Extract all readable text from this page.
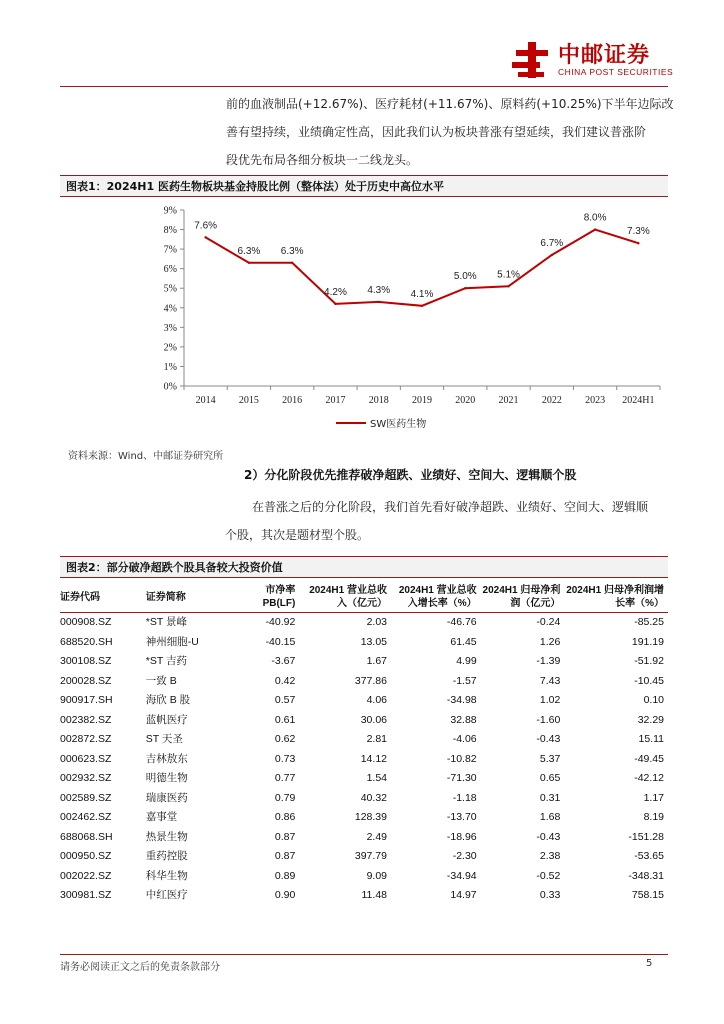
中邮证券
CHINA POST SECURITIES

前的血液制品(+12.67%)、医疗耗材(+11.67%)、原料药(+10.25%)下半年边际改

善有望持续，业绩确定性高，因此我们认为板块普涨有望延续，我们建议普涨阶

段优先布局各细分板块一二线龙头。

图表1：2024H1 医药生物板块基金持股比例（整体法）处于历史中高位水平
0%
1%
2%
3%
4%
5%
6%
7%
8%
9%
2014 2015 2016 2017 2018 2019 2020 2021 2022 2023 2024H1
7.6%
6.3% 6.3%
4.2% 4.3% 4.1%
5.0% 5.1%
6.7%
8.0%
7.3%
SW医药生物
资料来源：Wind、中邮证券研究所
2）分化阶段优先推荐破净超跌、业绩好、空间大、逻辑顺个股

在普涨之后的分化阶段，我们首先看好破净超跌、业绩好、空间大、逻辑顺

个股，其次是题材型个股。

图表2：部分破净超跌个股具备较大投资价值
证券代码	证券简称	市净率 PB(LF)	2024H1 营业总收入（亿元）	2024H1 营业总收入增长率（%）	2024H1 归母净利润（亿元）	2024H1 归母净利润增长率（%）
000908.SZ	*ST 景峰	-40.92	2.03	-46.76	-0.24	-85.25
688520.SH	神州细胞-U	-40.15	13.05	61.45	1.26	191.19
300108.SZ	*ST 吉药	-3.67	1.67	4.99	-1.39	-51.92
200028.SZ	一致 B	0.42	377.86	-1.57	7.43	-10.45
900917.SH	海欣 B 股	0.57	4.06	-34.98	1.02	0.10
002382.SZ	蓝帆医疗	0.61	30.06	32.88	-1.60	32.29
002872.SZ	ST 天圣	0.62	2.81	-4.06	-0.43	15.11
000623.SZ	吉林敖东	0.73	14.12	-10.82	5.37	-49.45
002932.SZ	明德生物	0.77	1.54	-71.30	0.65	-42.12
002589.SZ	瑞康医药	0.79	40.32	-1.18	0.31	1.17
002462.SZ	嘉事堂	0.86	128.39	-13.70	1.68	8.19
688068.SH	热景生物	0.87	2.49	-18.96	-0.43	-151.28
000950.SZ	重药控股	0.87	397.79	-2.30	2.38	-53.65
002022.SZ	科华生物	0.89	9.09	-34.94	-0.52	-348.31
300981.SZ	中红医疗	0.90	11.48	14.97	0.33	758.15
请务必阅读正文之后的免责条款部分	5
